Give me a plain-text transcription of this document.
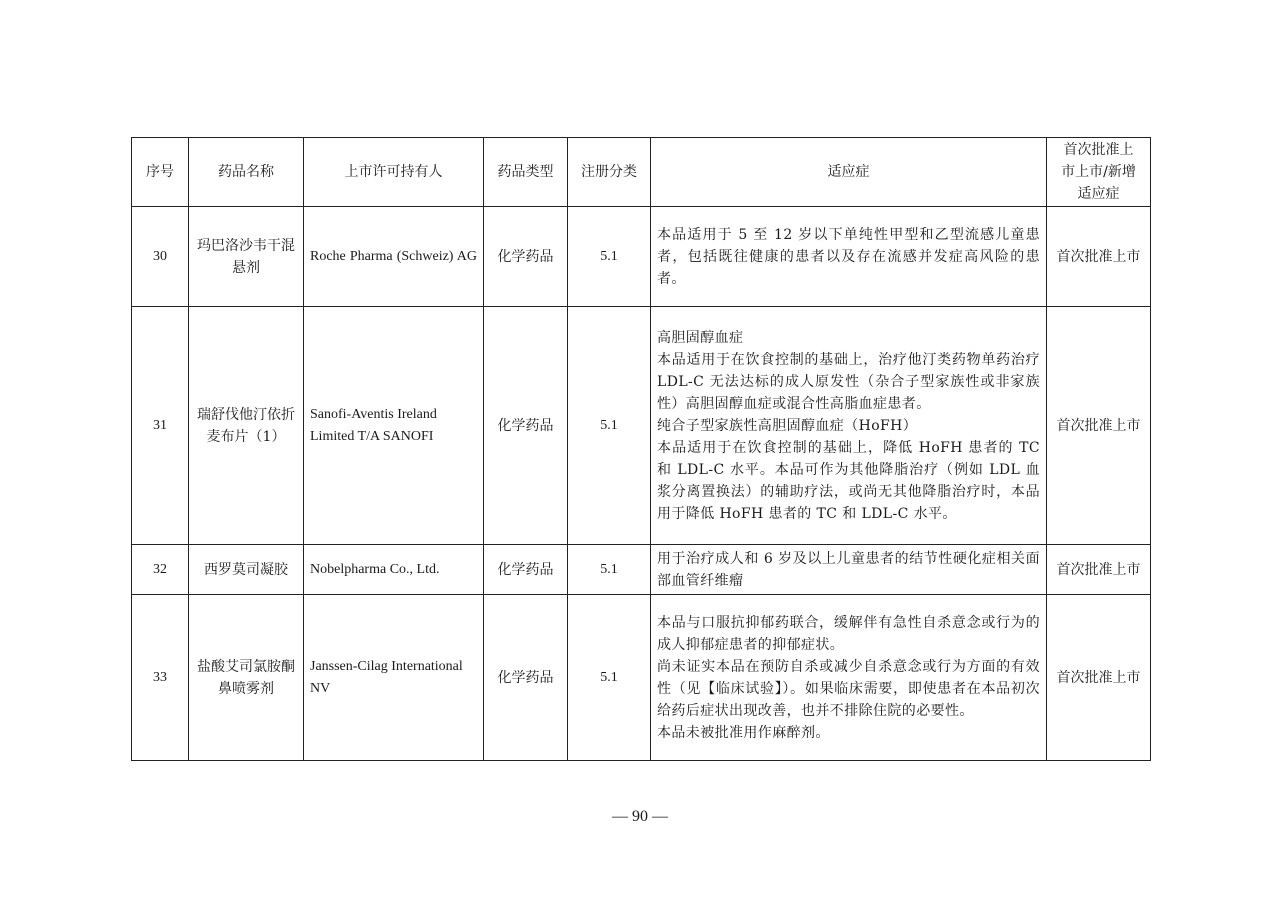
序号	药品名称	上市许可持有人	药品类型	注册分类	适应症	首次批准上
市上市/新增
适应症
30	玛巴洛沙韦干混悬剂	Roche Pharma (Schweiz) AG	化学药品	5.1	本品适用于 5 至 12 岁以下单纯性甲型和乙型流感儿童患者，包括既往健康的患者以及存在流感并发症高风险的患者。	首次批准上市
31	瑞舒伐他汀依折麦布片（1）	Sanofi-Aventis Ireland Limited T/A SANOFI	化学药品	5.1	高胆固醇血症

本品适用于在饮食控制的基础上，治疗他汀类药物单药治疗 LDL-C 无法达标的成人原发性（杂合子型家族性或非家族性）高胆固醇血症或混合性高脂血症患者。

纯合子型家族性高胆固醇血症（HoFH）

本品适用于在饮食控制的基础上，降低 HoFH 患者的 TC 和 LDL-C 水平。本品可作为其他降脂治疗（例如 LDL 血浆分离置换法）的辅助疗法，或尚无其他降脂治疗时，本品用于降低 HoFH 患者的 TC 和 LDL-C 水平。	首次批准上市
32	西罗莫司凝胶	Nobelpharma Co., Ltd.	化学药品	5.1	用于治疗成人和 6 岁及以上儿童患者的结节性硬化症相关面部血管纤维瘤	首次批准上市
33	盐酸艾司氯胺酮鼻喷雾剂	Janssen-Cilag International NV	化学药品	5.1	本品与口服抗抑郁药联合，缓解伴有急性自杀意念或行为的成人抑郁症患者的抑郁症状。

尚未证实本品在预防自杀或减少自杀意念或行为方面的有效性（见【临床试验】）。如果临床需要，即使患者在本品初次给药后症状出现改善，也并不排除住院的必要性。

本品未被批准用作麻醉剂。	首次批准上市
— 90 —
